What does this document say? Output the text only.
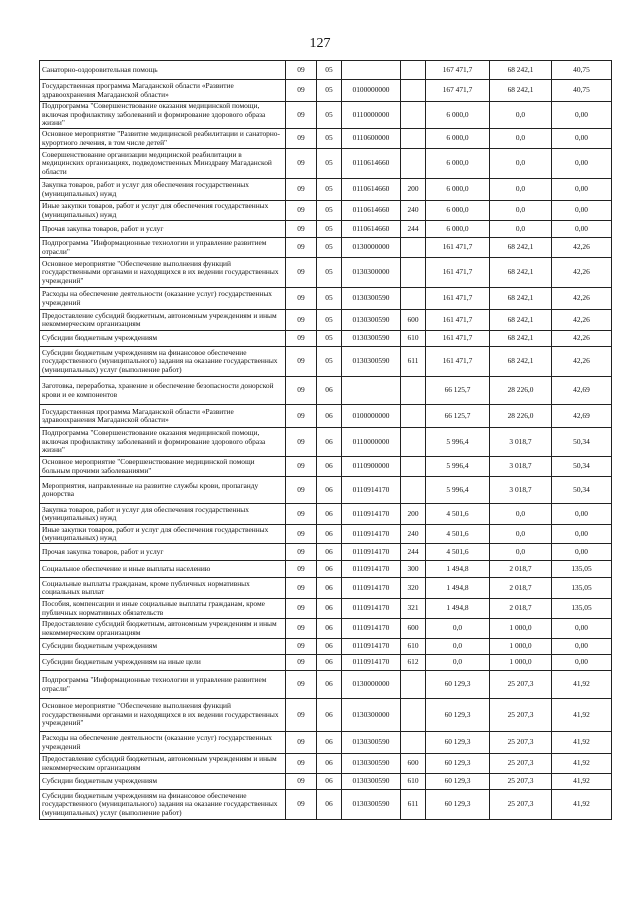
127
Санаторно-оздоровительная помощь	09	05			167 471,7	68 242,1	40,75
Государственная программа Магаданской области «Развитие здравоохранения Магаданской области»	09	05	0100000000		167 471,7	68 242,1	40,75
Подпрограмма "Совершенствование оказания медицинской помощи, включая профилактику заболеваний и формирование здорового образа жизни"	09	05	0110000000		6 000,0	0,0	0,00
Основное мероприятие "Развитие медицинской реабилитации и санаторно-курортного лечения, в том числе детей"	09	05	0110600000		6 000,0	0,0	0,00
Совершенствование организации медицинской реабилитации в медицинских организациях, подведомственных Минздраву Магаданской области	09	05	0110614660		6 000,0	0,0	0,00
Закупка товаров, работ и услуг для обеспечения государственных (муниципальных) нужд	09	05	0110614660	200	6 000,0	0,0	0,00
Иные закупки товаров, работ и услуг для обеспечения государственных (муниципальных) нужд	09	05	0110614660	240	6 000,0	0,0	0,00
Прочая закупка товаров, работ и услуг	09	05	0110614660	244	6 000,0	0,0	0,00
Подпрограмма "Информационные технологии и управление развитием отрасли"	09	05	0130000000		161 471,7	68 242,1	42,26
Основное мероприятие "Обеспечение выполнения функций государственными органами и находящихся в их ведении государственных учреждений"	09	05	0130300000		161 471,7	68 242,1	42,26
Расходы на обеспечение деятельности (оказание услуг) государственных учреждений	09	05	0130300590		161 471,7	68 242,1	42,26
Предоставление субсидий бюджетным, автономным учреждениям и иным некоммерческим организациям	09	05	0130300590	600	161 471,7	68 242,1	42,26
Субсидии бюджетным учреждениям	09	05	0130300590	610	161 471,7	68 242,1	42,26
Субсидии бюджетным учреждениям на финансовое обеспечение государственного (муниципального) задания на оказание государственных (муниципальных) услуг (выполнение работ)	09	05	0130300590	611	161 471,7	68 242,1	42,26
Заготовка, переработка, хранение и обеспечение безопасности донорской крови и ее компонентов	09	06			66 125,7	28 226,0	42,69
Государственная программа Магаданской области «Развитие здравоохранения Магаданской области»	09	06	0100000000		66 125,7	28 226,0	42,69
Подпрограмма "Совершенствование оказания медицинской помощи, включая профилактику заболеваний и формирование здорового образа жизни"	09	06	0110000000		5 996,4	3 018,7	50,34
Основное мероприятие "Совершенствование медицинской помощи больным прочими заболеваниями"	09	06	0110900000		5 996,4	3 018,7	50,34
Мероприятия, направленные на развитие службы крови, пропаганду донорства	09	06	0110914170		5 996,4	3 018,7	50,34
Закупка товаров, работ и услуг для обеспечения государственных (муниципальных) нужд	09	06	0110914170	200	4 501,6	0,0	0,00
Иные закупки товаров, работ и услуг для обеспечения государственных (муниципальных) нужд	09	06	0110914170	240	4 501,6	0,0	0,00
Прочая закупка товаров, работ и услуг	09	06	0110914170	244	4 501,6	0,0	0,00
Социальное обеспечение и иные выплаты населению	09	06	0110914170	300	1 494,8	2 018,7	135,05
Социальные выплаты гражданам, кроме публичных нормативных социальных выплат	09	06	0110914170	320	1 494,8	2 018,7	135,05
Пособия, компенсации и иные социальные выплаты гражданам, кроме публичных нормативных обязательств	09	06	0110914170	321	1 494,8	2 018,7	135,05
Предоставление субсидий бюджетным, автономным учреждениям и иным некоммерческим организациям	09	06	0110914170	600	0,0	1 000,0	0,00
Субсидии бюджетным учреждениям	09	06	0110914170	610	0,0	1 000,0	0,00
Субсидии бюджетным учреждениям на иные цели	09	06	0110914170	612	0,0	1 000,0	0,00
Подпрограмма "Информационные технологии и управление развитием отрасли"	09	06	0130000000		60 129,3	25 207,3	41,92
Основное мероприятие "Обеспечение выполнения функций государственными органами и находящихся в их ведении государственных учреждений"	09	06	0130300000		60 129,3	25 207,3	41,92
Расходы на обеспечение деятельности (оказание услуг) государственных учреждений	09	06	0130300590		60 129,3	25 207,3	41,92
Предоставление субсидий бюджетным, автономным учреждениям и иным некоммерческим организациям	09	06	0130300590	600	60 129,3	25 207,3	41,92
Субсидии бюджетным учреждениям	09	06	0130300590	610	60 129,3	25 207,3	41,92
Субсидии бюджетным учреждениям на финансовое обеспечение государственного (муниципального) задания на оказание государственных (муниципальных) услуг (выполнение работ)	09	06	0130300590	611	60 129,3	25 207,3	41,92
